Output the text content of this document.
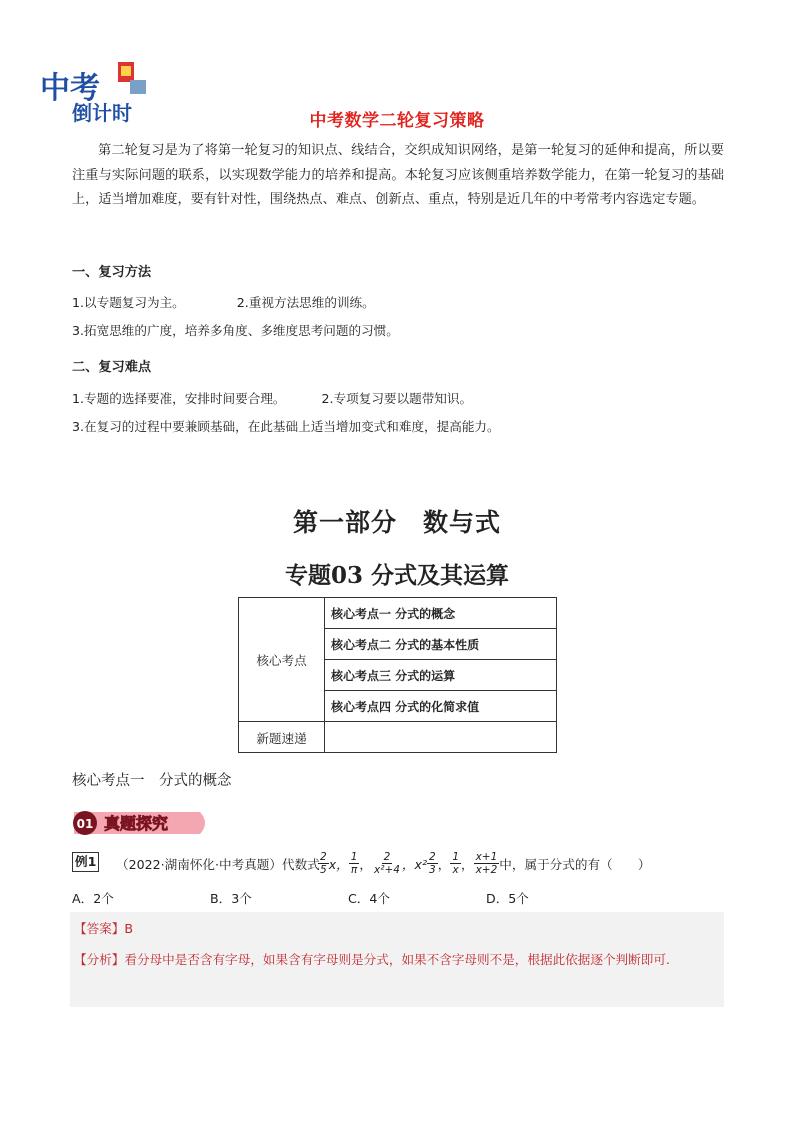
中考
倒计时	中考数学二轮复习策略
第二轮复习是为了将第一轮复习的知识点、线结合，交织成知识网络，是第一轮复习的延伸和提高，所以要注重与实际问题的联系，以实现数学能力的培养和提高。本轮复习应该侧重培养数学能力，在第一轮复习的基础上，适当增加难度，要有针对性，围绕热点、难点、创新点、重点，特别是近几年的中考常考内容选定专题。
一、复习方法
1.以专题复习为主。	2.重视方法思维的训练。
3.拓宽思维的广度，培养多角度、多维度思考问题的习惯。
二、复习难点
1.专题的选择要准，安排时间要合理。	2.专项复习要以题带知识。
3.在复习的过程中要兼顾基础，在此基础上适当增加变式和难度，提高能力。
第一部分　数与式
专题03 分式及其运算
核心考点	核心考点一 分式的概念
	核心考点二 分式的基本性质
	核心考点三 分式的运算
	核心考点四 分式的化简求值
新题速递	
核心考点一　分式的概念
01 真题探究
例1 （2022·湖南怀化·中考真题）代数式
$\frac{2}{5}$ x， $\frac{1}{\pi}$ ， $\frac{2}{\text{x²+4}}$ ，$x^2 \frac{2}{3}$ ， $\frac{1}{x}$ ， $\frac{x+1}{x+2}$ 中，属于分式的有（　　）
A．2个	B．3个	C．4个	D．5个
【答案】B
【分析】看分母中是否含有字母，如果含有字母则是分式，如果不含字母则不是，根据此依据逐个判断即可.
